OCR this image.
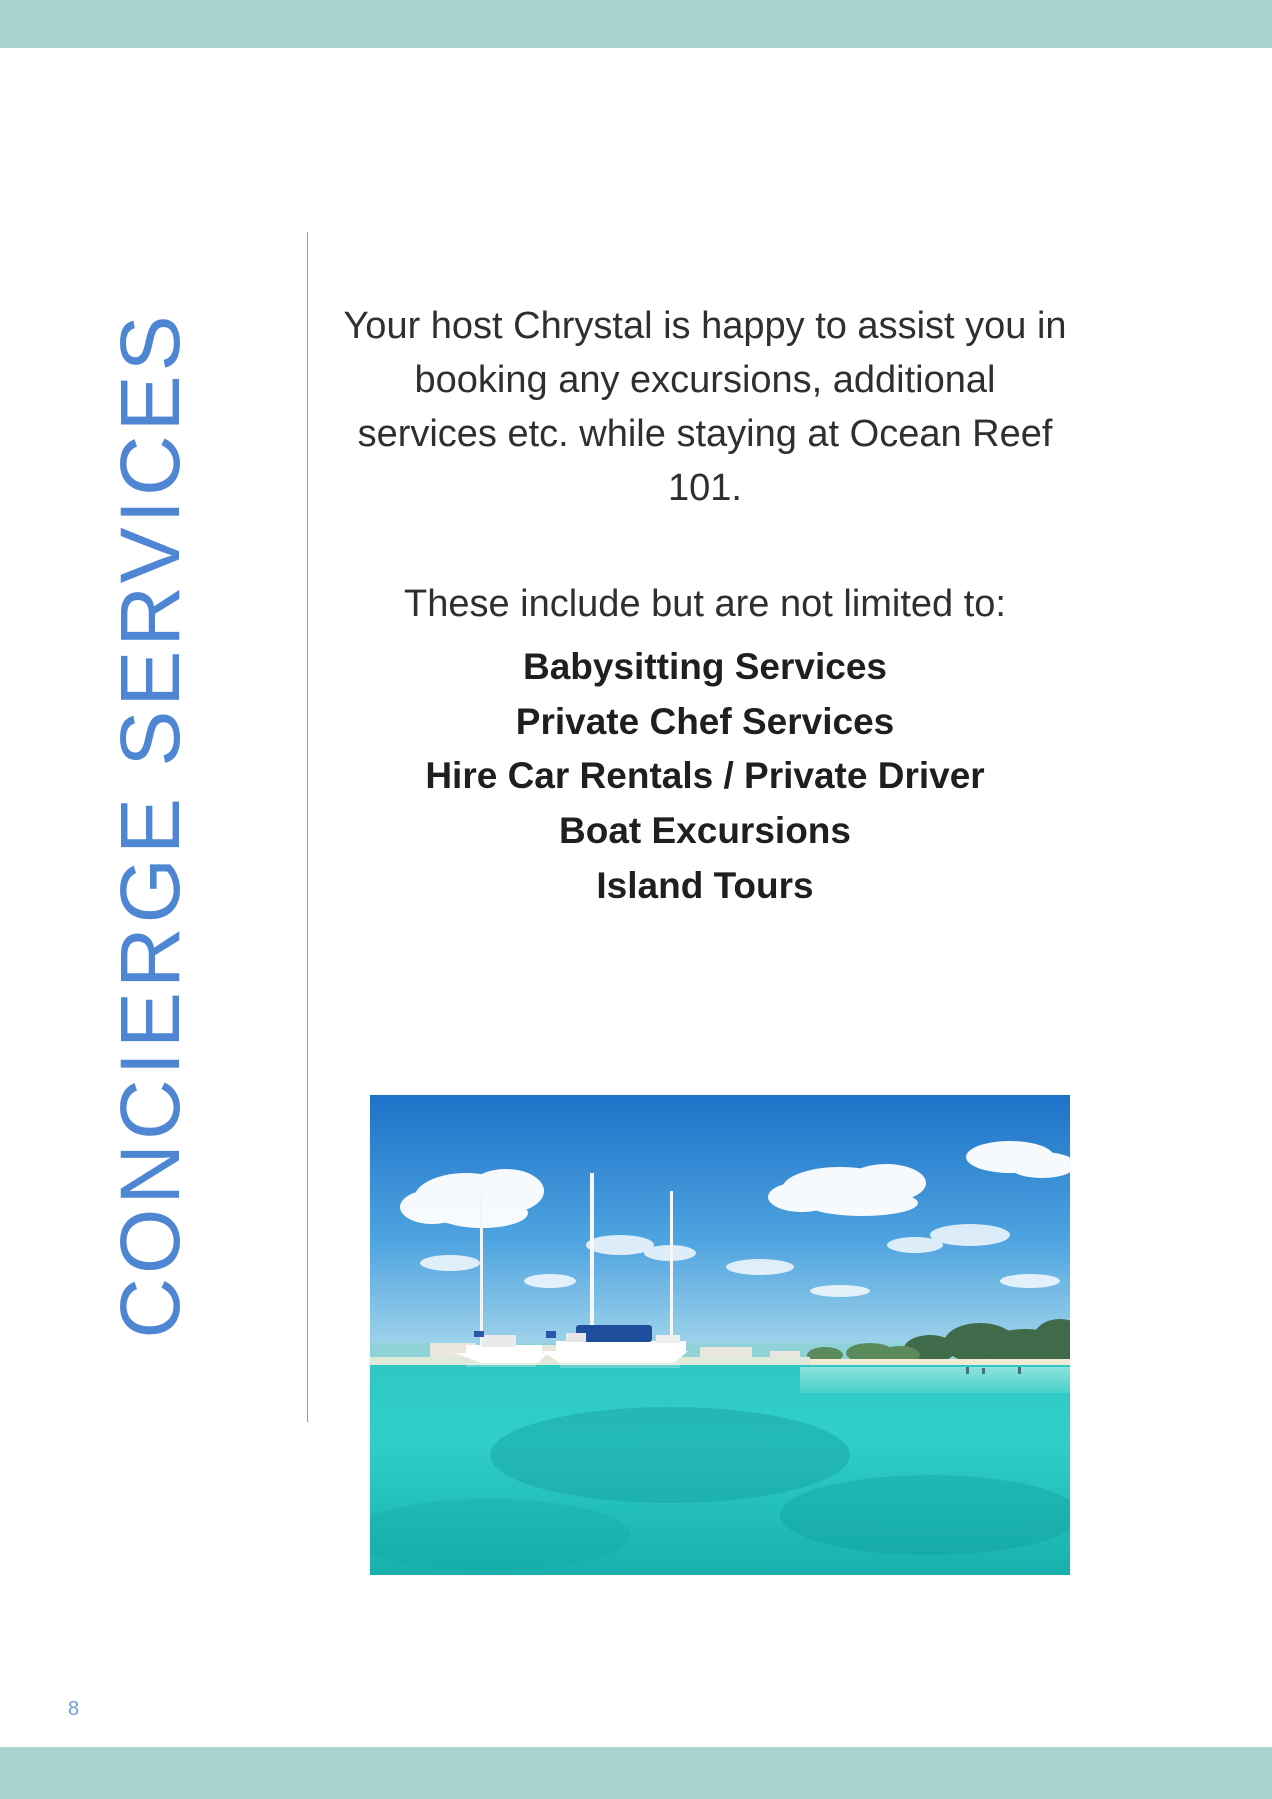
CONCIERGE SERVICES	Your host Chrystal is happy to assist you in booking any excursions, additional services etc. while staying at Ocean Reef 101.

These include but are not limited to:

Babysitting Services
Private Chef Services
Hire Car Rentals / Private Driver
Boat Excursions
Island Tours
8
